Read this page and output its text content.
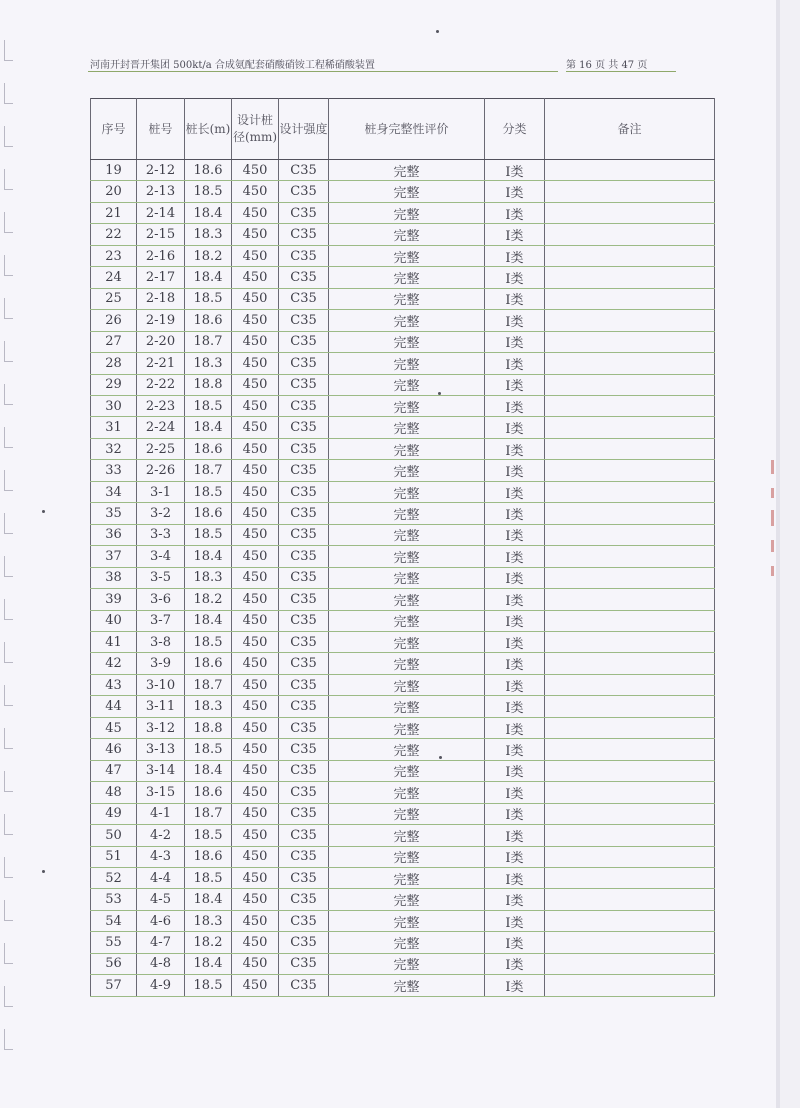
河南开封晋开集团 500kt/a 合成氨配套硝酸硝铵工程稀硝酸装置	第 16 页 共 47 页
序号	桩号	桩长(m)	设计桩径(mm)	设计强度	桩身完整性评价	分类	备注
19	2-12	18.6	450	C35	完整	Ⅰ类	
20	2-13	18.5	450	C35	完整	Ⅰ类	
21	2-14	18.4	450	C35	完整	Ⅰ类	
22	2-15	18.3	450	C35	完整	Ⅰ类	
23	2-16	18.2	450	C35	完整	Ⅰ类	
24	2-17	18.4	450	C35	完整	Ⅰ类	
25	2-18	18.5	450	C35	完整	Ⅰ类	
26	2-19	18.6	450	C35	完整	Ⅰ类	
27	2-20	18.7	450	C35	完整	Ⅰ类	
28	2-21	18.3	450	C35	完整	Ⅰ类	
29	2-22	18.8	450	C35	完整	Ⅰ类	
30	2-23	18.5	450	C35	完整	Ⅰ类	
31	2-24	18.4	450	C35	完整	Ⅰ类	
32	2-25	18.6	450	C35	完整	Ⅰ类	
33	2-26	18.7	450	C35	完整	Ⅰ类	
34	3-1	18.5	450	C35	完整	Ⅰ类	
35	3-2	18.6	450	C35	完整	Ⅰ类	
36	3-3	18.5	450	C35	完整	Ⅰ类	
37	3-4	18.4	450	C35	完整	Ⅰ类	
38	3-5	18.3	450	C35	完整	Ⅰ类	
39	3-6	18.2	450	C35	完整	Ⅰ类	
40	3-7	18.4	450	C35	完整	Ⅰ类	
41	3-8	18.5	450	C35	完整	Ⅰ类	
42	3-9	18.6	450	C35	完整	Ⅰ类	
43	3-10	18.7	450	C35	完整	Ⅰ类	
44	3-11	18.3	450	C35	完整	Ⅰ类	
45	3-12	18.8	450	C35	完整	Ⅰ类	
46	3-13	18.5	450	C35	完整	Ⅰ类	
47	3-14	18.4	450	C35	完整	Ⅰ类	
48	3-15	18.6	450	C35	完整	Ⅰ类	
49	4-1	18.7	450	C35	完整	Ⅰ类	
50	4-2	18.5	450	C35	完整	Ⅰ类	
51	4-3	18.6	450	C35	完整	Ⅰ类	
52	4-4	18.5	450	C35	完整	Ⅰ类	
53	4-5	18.4	450	C35	完整	Ⅰ类	
54	4-6	18.3	450	C35	完整	Ⅰ类	
55	4-7	18.2	450	C35	完整	Ⅰ类	
56	4-8	18.4	450	C35	完整	Ⅰ类	
57	4-9	18.5	450	C35	完整	Ⅰ类	
